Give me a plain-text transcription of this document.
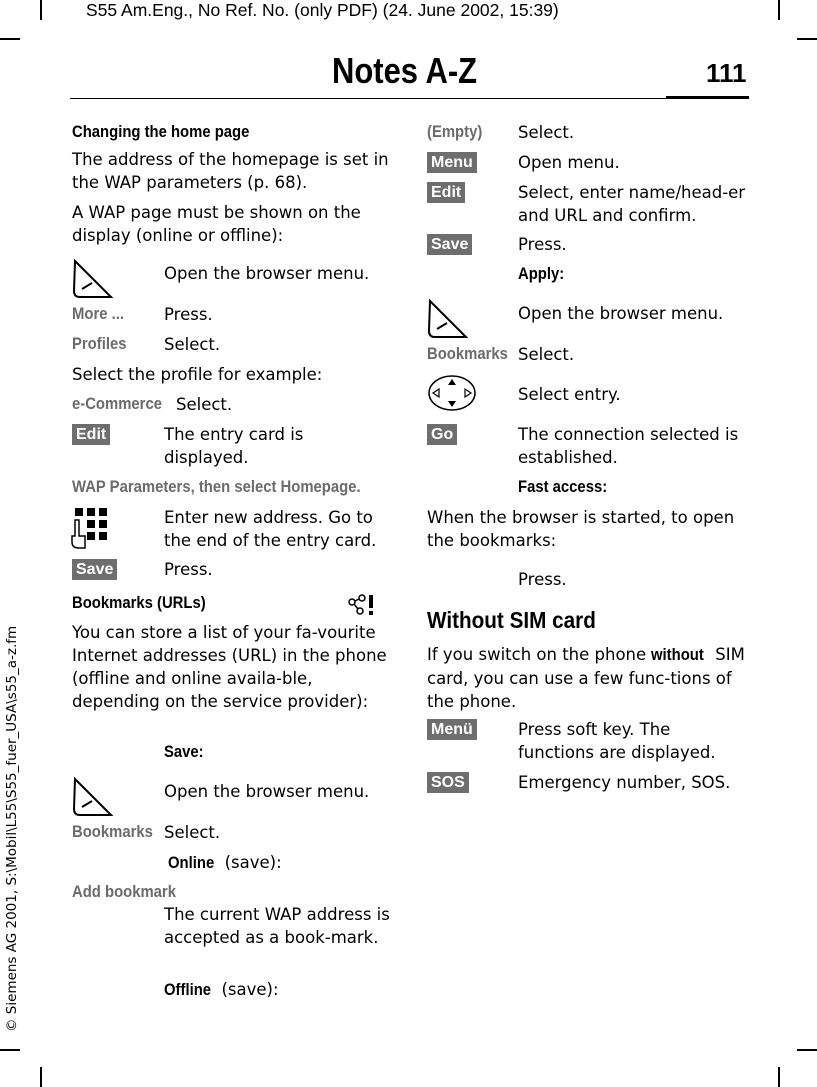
S55 Am.Eng., No Ref. No. (only PDF) (24. June 2002, 15:39)
Notes A-Z	111
© Siemens AG 2001, S:\Mobil\L55\S55_fuer_USA\s55_a-z.fm
Changing the home page
The address of the homepage is set in the WAP parameters (p. 68).
A WAP page must be shown on the display (online or offline):
Open the browser menu.
More ... Press.
Profiles Select.
Select the profile for example:
e-Commerce Select.
Edit	The entry card is displayed.
WAP Parameters, then select Homepage.
Enter new address. Go to the end of the entry card.
Save	Press.
Bookmarks (URLs)
You can store a list of your fa-vourite Internet addresses (URL) in the phone (offline and online availa-ble, depending on the service provider):
Save:
Open the browser menu.
Bookmarks Select.
Online (save):
Add bookmark
The current WAP address is accepted as a book-mark.
Offline (save):
(Empty) Select.
Menu	Open menu.
Edit	Select, enter name/head-er and URL and confirm.
Save	Press.
Apply:
Open the browser menu.
Bookmarks Select.
Select entry.
Go	The connection selected is established.
Fast access:
When the browser is started, to open the bookmarks:
Press.
Without SIM card
If you switch on the phone without SIM card, you can use a few func-tions of the phone.
Menü	Press soft key. The functions are displayed.
SOS	Emergency number, SOS.
